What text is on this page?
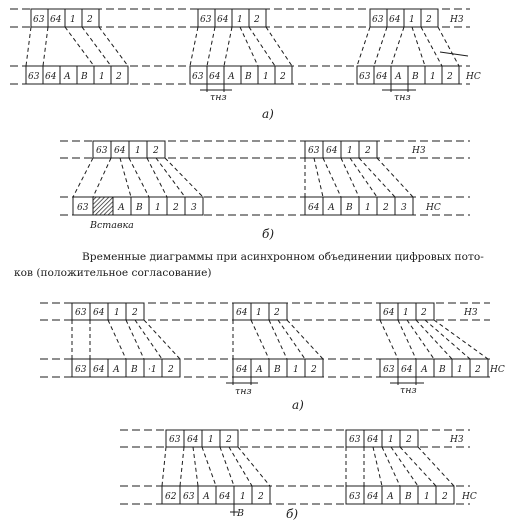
63 64 1 2	63 64 1 2	63 64 1 2 НЗ
63 64 А В 1 2	63 64 А В 1 2	63 64 А В 1 2 НС
τнз	τнз
а)
63 64 1 2	63 64 1 2	НЗ
63	А В 1 2 3	64 А В 1 2 3 НС
Вставка
б)
63 64 1 2	64 1 2	64 1 2	НЗ
63 64 А В ·1 2	64 А В 1 2	63 64 А В 1 2 НС
τнз	τнз
а)
63 64 1 2	63 64 1 2	НЗ
62 63 А 64 1 2	63 64 А В 1 2 НС
В	б)
Временные диаграммы при асинхронном объединении цифровых пото-
ков (положительное согласование)
